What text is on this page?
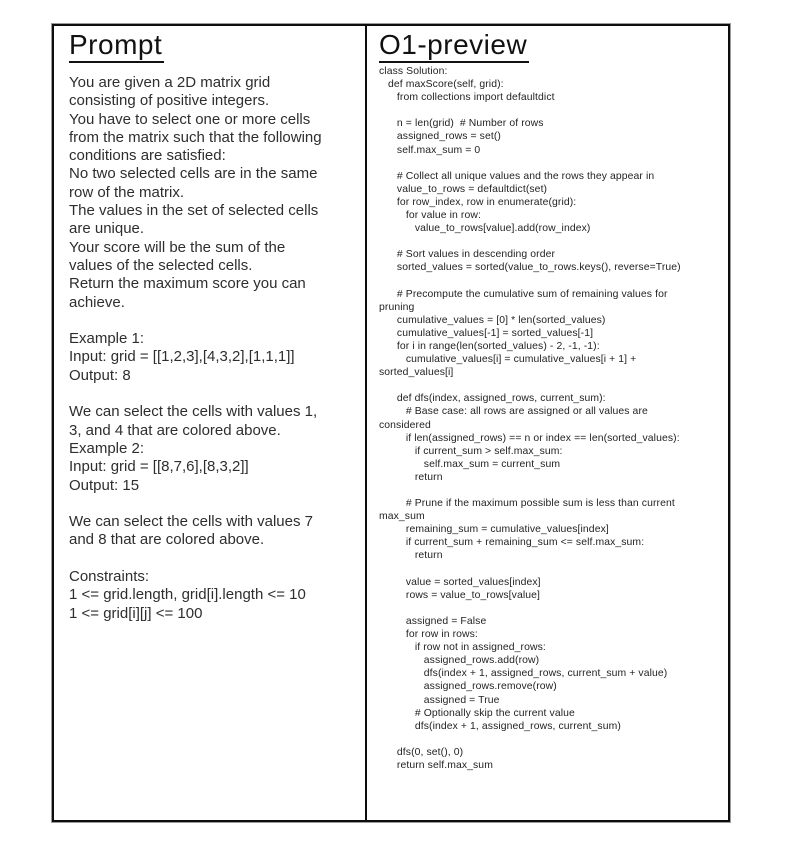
Prompt
You are given a 2D matrix grid
consisting of positive integers.
You have to select one or more cells
from the matrix such that the following
conditions are satisfied:
No two selected cells are in the same
row of the matrix.
The values in the set of selected cells
are unique.
Your score will be the sum of the
values of the selected cells.
Return the maximum score you can
achieve.
Example 1:
Input: grid = [[1,2,3],[4,3,2],[1,1,1]]
Output: 8
We can select the cells with values 1,
3, and 4 that are colored above.
Example 2:
Input: grid = [[8,7,6],[8,3,2]]
Output: 15
We can select the cells with values 7
and 8 that are colored above.
Constraints:
1 <= grid.length, grid[i].length <= 10
1 <= grid[i][j] <= 100
O1-preview
class Solution:
def maxScore(self, grid):
from collections import defaultdict
n = len(grid)  # Number of rows
assigned_rows = set()
self.max_sum = 0
# Collect all unique values and the rows they appear in
value_to_rows = defaultdict(set)
for row_index, row in enumerate(grid):
for value in row:
value_to_rows[value].add(row_index)
# Sort values in descending order
sorted_values = sorted(value_to_rows.keys(), reverse=True)
# Precompute the cumulative sum of remaining values for
pruning
cumulative_values = [0] * len(sorted_values)
cumulative_values[-1] = sorted_values[-1]
for i in range(len(sorted_values) - 2, -1, -1):
cumulative_values[i] = cumulative_values[i + 1] +
sorted_values[i]
def dfs(index, assigned_rows, current_sum):
# Base case: all rows are assigned or all values are
considered
if len(assigned_rows) == n or index == len(sorted_values):
if current_sum > self.max_sum:
self.max_sum = current_sum
return
# Prune if the maximum possible sum is less than current
max_sum
remaining_sum = cumulative_values[index]
if current_sum + remaining_sum <= self.max_sum:
return
value = sorted_values[index]
rows = value_to_rows[value]
assigned = False
for row in rows:
if row not in assigned_rows:
assigned_rows.add(row)
dfs(index + 1, assigned_rows, current_sum + value)
assigned_rows.remove(row)
assigned = True
# Optionally skip the current value
dfs(index + 1, assigned_rows, current_sum)
dfs(0, set(), 0)
return self.max_sum
